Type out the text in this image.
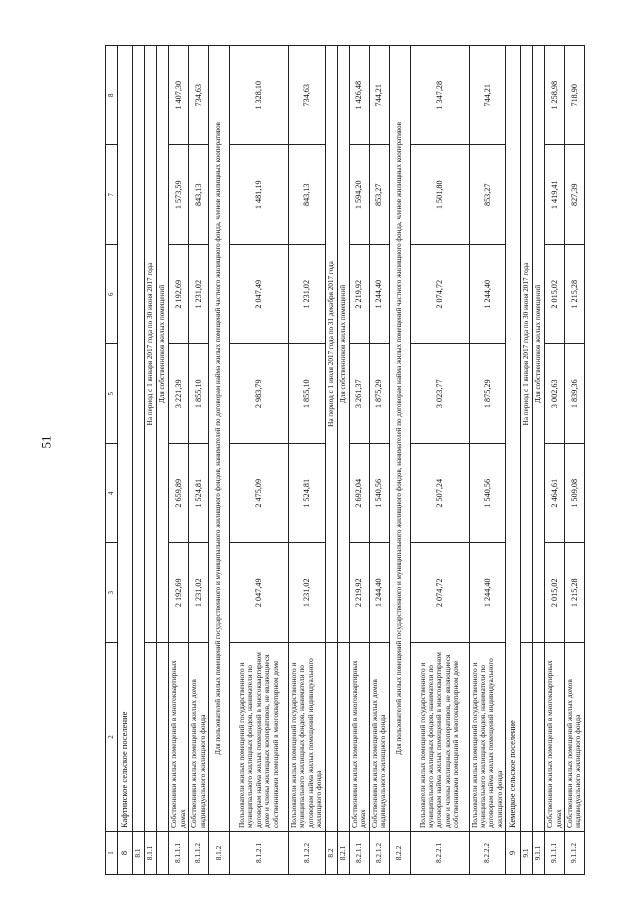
51
1	2	3	4	5	6	7	8
8	Кафтинское сельское поселение						
8.1							
8.1.1		На период с 1 января 2017 года по 30 июня 2017 года					
		Для собственников жилых помещений					
8.1.1.1	Собственники жилых помещений в многоквартирных домах	2 192,69	2 659,89	3 221,39	2 192,69	1 573,59	1 407,30
8.1.1.2	Собственники жилых помещений жилых домов индивидуального жилищного фонда	1 231,02	1 524,81	1 855,10	1 231,02	843,13	734,63
8.1.2	Для пользователей жилых помещений государственного и муниципального жилищного фондов, нанимателей по договорам найма жилых помещений частного жилищного фонда, членов жилищных кооперативов						
8.1.2.1	Пользователи жилых помещений государственного и муниципального жилищных фондов, наниматели по договорам найма жилых помещений в многоквартирном доме и члены жилищных кооперативов, не являющиеся собственниками помещений в многоквартирном доме	2 047,49	2 475,09	2 983,79	2 047,49	1 481,19	1 328,10
8.1.2.2	Пользователи жилых помещений государственного и муниципального жилищных фондов, наниматели по договорам найма жилых помещений индивидуального жилищного фонда	1 231,02	1 524,81	1 855,10	1 231,02	843,13	734,63
8.2		На период с 1 июля 2017 года по 31 декабря 2017 года					
8.2.1		Для собственников жилых помещений					
8.2.1.1	Собственники жилых помещений в многоквартирных домах	2 219,92	2 692,04	3 261,37	2 219,92	1 594,20	1 426,48
8.2.1.2	Собственники жилых помещений жилых домов индивидуального жилищного фонда	1 244,40	1 540,56	1 875,29	1 244,40	853,27	744,21
8.2.2	Для пользователей жилых помещений государственного и муниципального жилищного фондов, нанимателей по договорам найма жилых помещений частного жилищного фонда, членов жилищных кооперативов						
8.2.2.1	Пользователи жилых помещений государственного и муниципального жилищных фондов, наниматели по договорам найма жилых помещений в многоквартирном доме и члены жилищных кооперативов, не являющиеся собственниками помещений в многоквартирном доме	2 074,72	2 507,24	3 023,77	2 074,72	1 501,80	1 347,28
8.2.2.2	Пользователи жилых помещений государственного и муниципального жилищных фондов, наниматели по договорам найма жилых помещений индивидуального жилищного фонда	1 244,40	1 540,56	1 875,29	1 244,40	853,27	744,21
9	Кемецкое сельское поселение						
9.1		На период с 1 января 2017 года по 30 июня 2017 года					
9.1.1		Для собственников жилых помещений					
9.1.1.1	Собственники жилых помещений в многоквартирных домах	2 015,02	2 464,61	3 002,63	2 015,02	1 419,41	1 258,98
9.1.1.2	Собственники жилых помещений жилых домов индивидуального жилищного фонда	1 215,28	1 509,08	1 839,36	1 215,28	827,39	718,90
